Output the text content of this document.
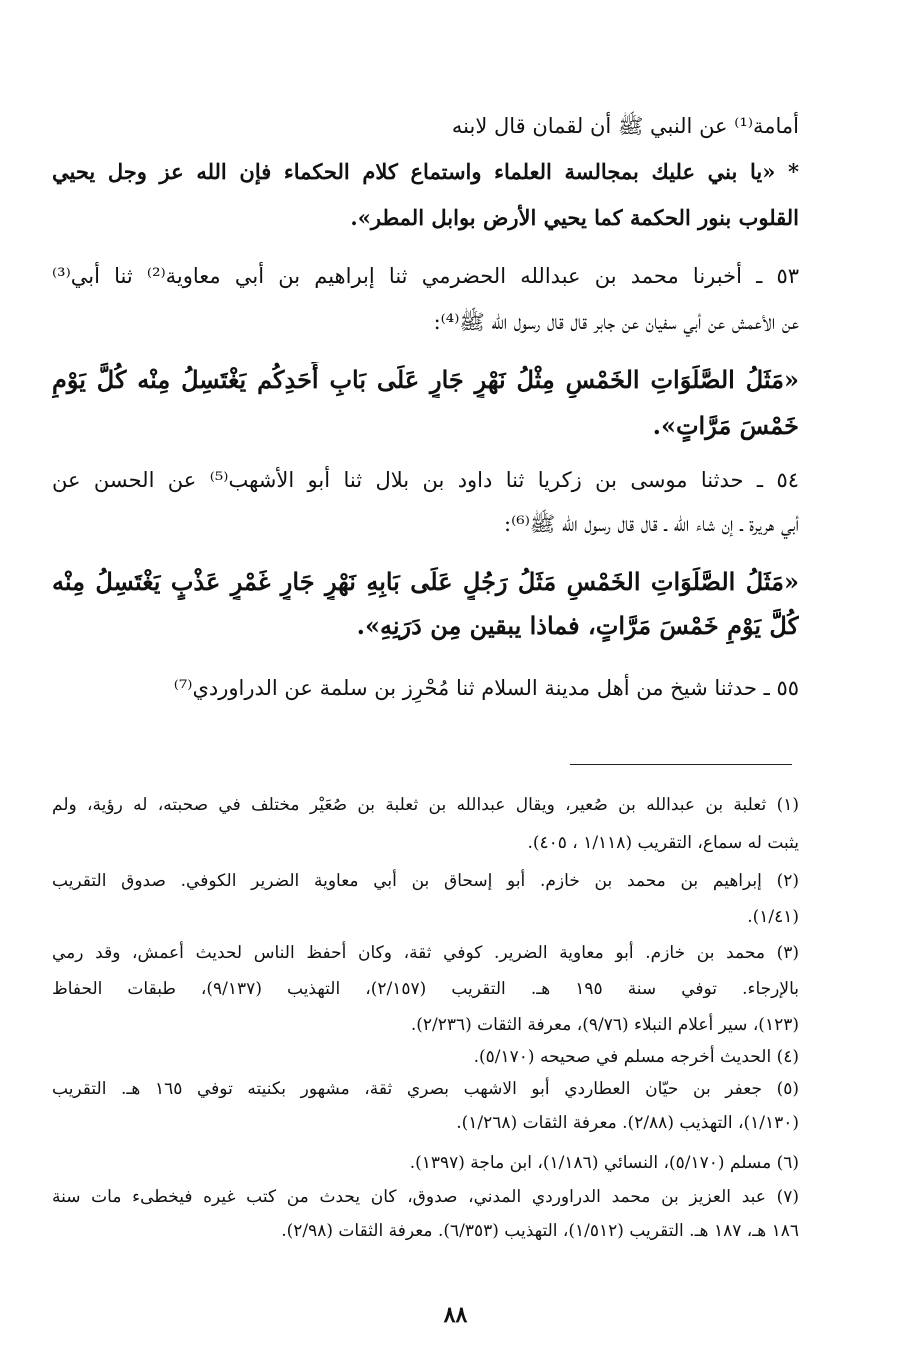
أمامة⁽¹⁾ عن النبي ﷺ أن لقمان قال لابنه
* «يا بني عليك بمجالسة العلماء واستماع كلام الحكماء فإن الله عز وجل يحيي
القلوب بنور الحكمة كما يحيي الأرض بوابل المطر».
٥٣ ـ أخبرنا محمد بن عبدالله الحضرمي ثنا إبراهيم بن أبي معاوية⁽²⁾ ثنا أبي⁽³⁾
عن الأعمش عن أبي سفيان عن جابر قال قال رسول الله ﷺ⁽⁴⁾:
«مَثَلُ الصَّلَوَاتِ الخَمْسِ مِثْلُ نَهْرٍ جَارٍ عَلَى بَابِ أَحَدِكُم يَغْتَسِلُ مِنْه كُلَّ يَوْمٍ
خَمْسَ مَرَّاتٍ».
٥٤ ـ حدثنا موسى بن زكريا ثنا داود بن بلال ثنا أبو الأشهب⁽⁵⁾ عن الحسن عن
أبي هريرة ـ إن شاء الله ـ قال قال رسول الله ﷺ⁽⁶⁾:
«مَثَلُ الصَّلَوَاتِ الخَمْسِ مَثَلُ رَجُلٍ عَلَى بَابِهِ نَهْرٍ جَارٍ غَمْرٍ عَذْبٍ يَغْتَسِلُ مِنْه
كُلَّ يَوْمٍ خَمْسَ مَرَّاتٍ، فماذا يبقين مِن دَرَنِهِ».
٥٥ ـ حدثنا شيخ من أهل مدينة السلام ثنا مُحْرِز بن سلمة عن الدراوردي⁽⁷⁾
(١) ثعلبة بن عبدالله بن صُعير، ويقال عبدالله بن ثعلبة بن صُعَيْر مختلف في صحبته، له رؤية، ولم
يثبت له سماع، التقريب (١/١١٨ ، ٤٠٥).
(٢) إبراهيم بن محمد بن خازم. أبو إسحاق بن أبي معاوية الضرير الكوفي. صدوق التقريب
(١/٤١).
(٣) محمد بن خازم. أبو معاوية الضرير. كوفي ثقة، وكان أحفظ الناس لحديث أعمش، وقد رمي
بالإرجاء. توفي سنة ١٩٥ هـ. التقريب (٢/١٥٧)، التهذيب (٩/١٣٧)، طبقات الحفاظ
(١٢٣)، سير أعلام النبلاء (٩/٧٦)، معرفة الثقات (٢/٢٣٦).
(٤) الحديث أخرجه مسلم في صحيحه (٥/١٧٠).
(٥) جعفر بن حيّان العطاردي أبو الاشهب بصري ثقة، مشهور بكنيته توفي ١٦٥ هـ. التقريب
(١/١٣٠)، التهذيب (٢/٨٨). معرفة الثقات (١/٢٦٨).
(٦) مسلم (٥/١٧٠)، النسائي (١/١٨٦)، ابن ماجة (١٣٩٧).
(٧) عبد العزيز بن محمد الدراوردي المدني، صدوق، كان يحدث من كتب غيره فيخطىء مات سنة
١٨٦ هـ، ١٨٧ هـ. التقريب (١/٥١٢)، التهذيب (٦/٣٥٣). معرفة الثقات (٢/٩٨).
٨٨
